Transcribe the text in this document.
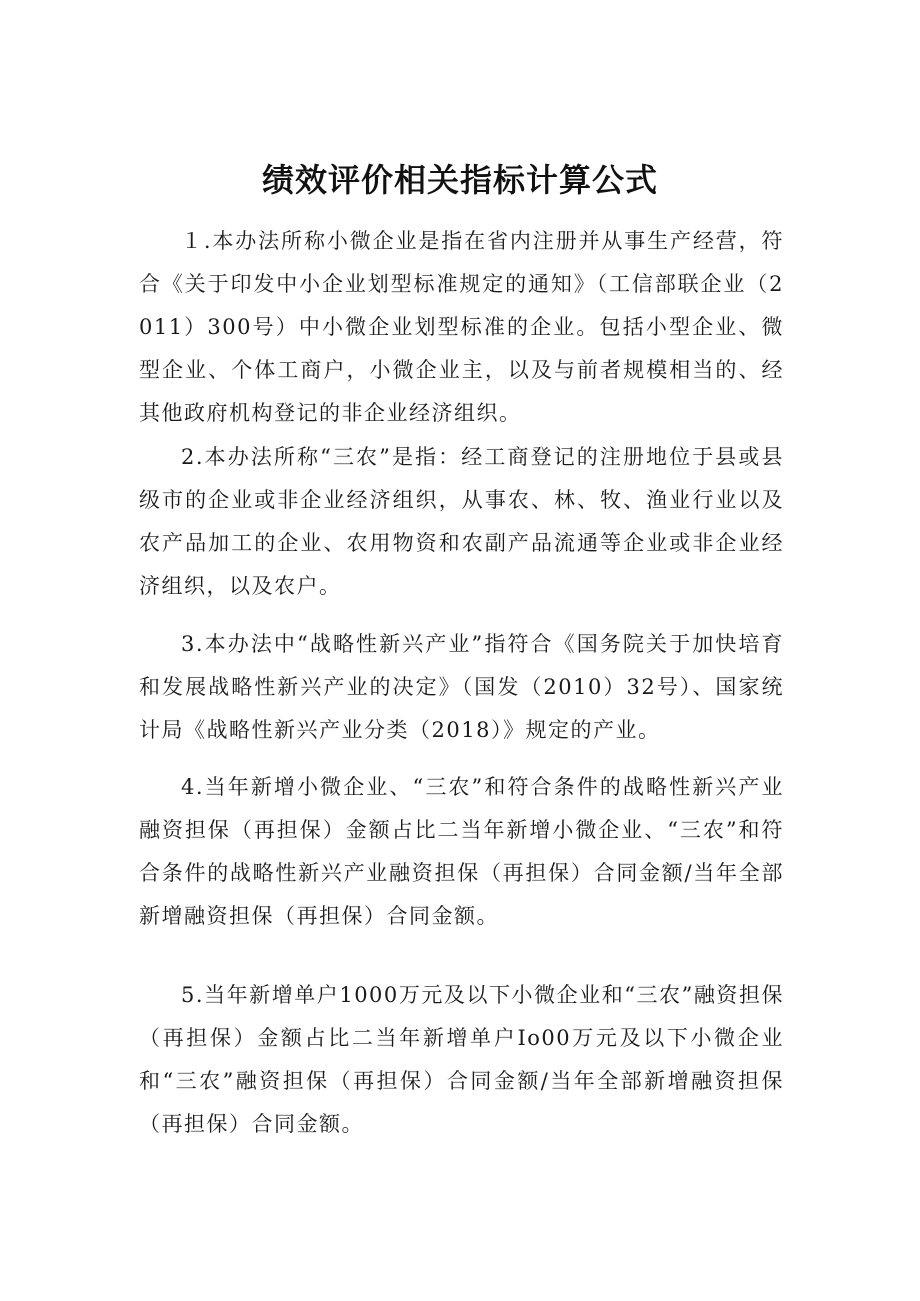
绩效评价相关指标计算公式

１.本办法所称小微企业是指在省内注册并从事生产经营，符合《关于印发中小企业划型标准规定的通知》（工信部联企业（2011）300号）中小微企业划型标准的企业。包括小型企业、微型企业、个体工商户，小微企业主，以及与前者规模相当的、经其他政府机构登记的非企业经济组织。

2.本办法所称“三农”是指：经工商登记的注册地位于县或县级市的企业或非企业经济组织，从事农、林、牧、渔业行业以及农产品加工的企业、农用物资和农副产品流通等企业或非企业经济组织，以及农户。

3.本办法中“战略性新兴产业”指符合《国务院关于加快培育和发展战略性新兴产业的决定》（国发（2010）32号）、国家统计局《战略性新兴产业分类（2018）》规定的产业。

4.当年新增小微企业、“三农”和符合条件的战略性新兴产业融资担保（再担保）金额占比二当年新增小微企业、“三农”和符合条件的战略性新兴产业融资担保（再担保）合同金额/当年全部新增融资担保（再担保）合同金额。

5.当年新增单户1000万元及以下小微企业和“三农”融资担保（再担保）金额占比二当年新增单户Io00万元及以下小微企业和“三农”融资担保（再担保）合同金额/当年全部新增融资担保（再担保）合同金额。
